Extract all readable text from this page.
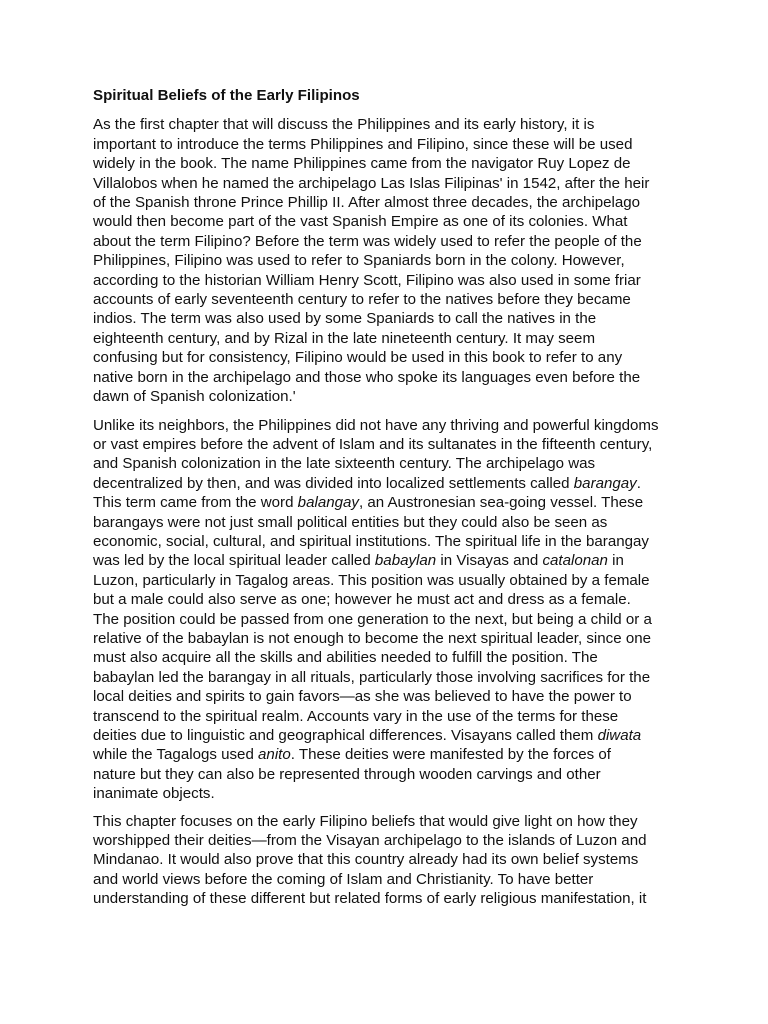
Spiritual Beliefs of the Early Filipinos
As the first chapter that will discuss the Philippines and its early history, it is
important to introduce the terms Philippines and Filipino, since these will be used
widely in the book. The name Philippines came from the navigator Ruy Lopez de
Villalobos when he named the archipelago Las Islas Filipinas' in 1542, after the heir
of the Spanish throne Prince Phillip II. After almost three decades, the archipelago
would then become part of the vast Spanish Empire as one of its colonies. What
about the term Filipino? Before the term was widely used to refer the people of the
Philippines, Filipino was used to refer to Spaniards born in the colony. However,
according to the historian William Henry Scott, Filipino was also used in some friar
accounts of early seventeenth century to refer to the natives before they became
indios. The term was also used by some Spaniards to call the natives in the
eighteenth century, and by Rizal in the late nineteenth century. It may seem
confusing but for consistency, Filipino would be used in this book to refer to any
native born in the archipelago and those who spoke its languages even before the
dawn of Spanish colonization.'
Unlike its neighbors, the Philippines did not have any thriving and powerful kingdoms
or vast empires before the advent of Islam and its sultanates in the fifteenth century,
and Spanish colonization in the late sixteenth century. The archipelago was
decentralized by then, and was divided into localized settlements called barangay.
This term came from the word balangay, an Austronesian sea-going vessel. These
barangays were not just small political entities but they could also be seen as
economic, social, cultural, and spiritual institutions. The spiritual life in the barangay
was led by the local spiritual leader called babaylan in Visayas and catalonan in
Luzon, particularly in Tagalog areas. This position was usually obtained by a female
but a male could also serve as one; however he must act and dress as a female.
The position could be passed from one generation to the next, but being a child or a
relative of the babaylan is not enough to become the next spiritual leader, since one
must also acquire all the skills and abilities needed to fulfill the position. The
babaylan led the barangay in all rituals, particularly those involving sacrifices for the
local deities and spirits to gain favors—as she was believed to have the power to
transcend to the spiritual realm. Accounts vary in the use of the terms for these
deities due to linguistic and geographical differences. Visayans called them diwata
while the Tagalogs used anito. These deities were manifested by the forces of
nature but they can also be represented through wooden carvings and other
inanimate objects.
This chapter focuses on the early Filipino beliefs that would give light on how they
worshipped their deities—from the Visayan archipelago to the islands of Luzon and
Mindanao. It would also prove that this country already had its own belief systems
and world views before the coming of Islam and Christianity. To have better
understanding of these different but related forms of early religious manifestation, it
